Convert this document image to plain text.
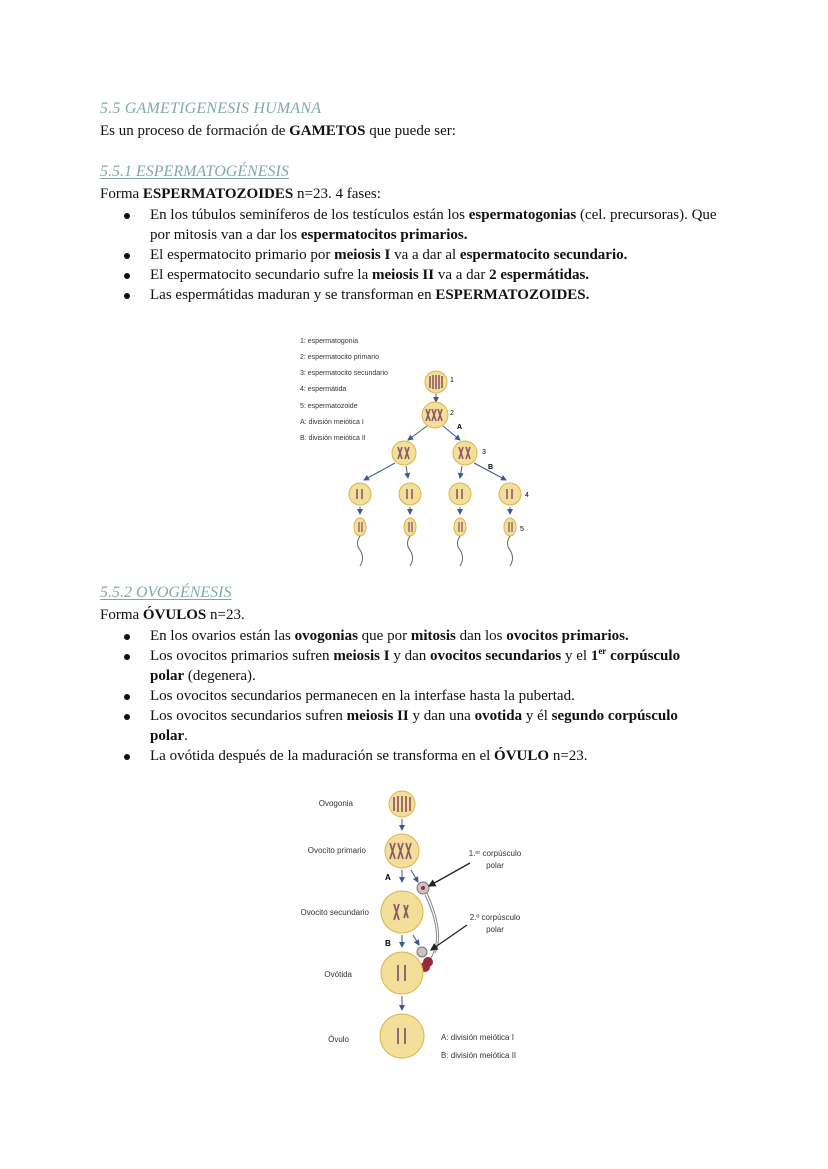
5.5 GAMETIGENESIS HUMANA

Es un proceso de formación de GAMETOS que puede ser:

5.5.1 ESPERMATOGÉNESIS

Forma ESPERMATOZOIDES n=23. 4 fases:

En los túbulos seminíferos de los testículos están los espermatogonias (cel. precursoras). Que por mitosis van a dar los espermatocitos primarios.
El espermatocito primario por meiosis I va a dar al espermatocito secundario.
El espermatocito secundario sufre la meiosis II va a dar 2 espermátidas.
Las espermátidas maduran y se transforman en ESPERMATOZOIDES.
1: espermatogonia
2: espermatocito primario
3: espermatocito secundario
4: espermátida
5: espermatozoide
A: división meiótica I
B: división meiótica II
1
2
A
3
B
4
5
5.5.2 OVOGÉNESIS

Forma ÓVULOS n=23.

En los ovarios están las ovogonias que por mitosis dan los ovocitos primarios.
Los ovocitos primarios sufren meiosis I y dan ovocitos secundarios y el 1er corpúsculo polar (degenera).
Los ovocitos secundarios permanecen en la interfase hasta la pubertad.
Los ovocitos secundarios sufren meiosis II y dan una ovotida y él segundo corpúsculo polar.
La ovótida después de la maduración se transforma en el ÓVULO n=23.
Ovogonia
Ovocito primario
Ovocito secundario
Ovótida
Óvulo
A
B
1.ᵉʳ corpúsculo
polar
2.º corpúsculo
polar
A: división meiótica I
B: división meiótica II
